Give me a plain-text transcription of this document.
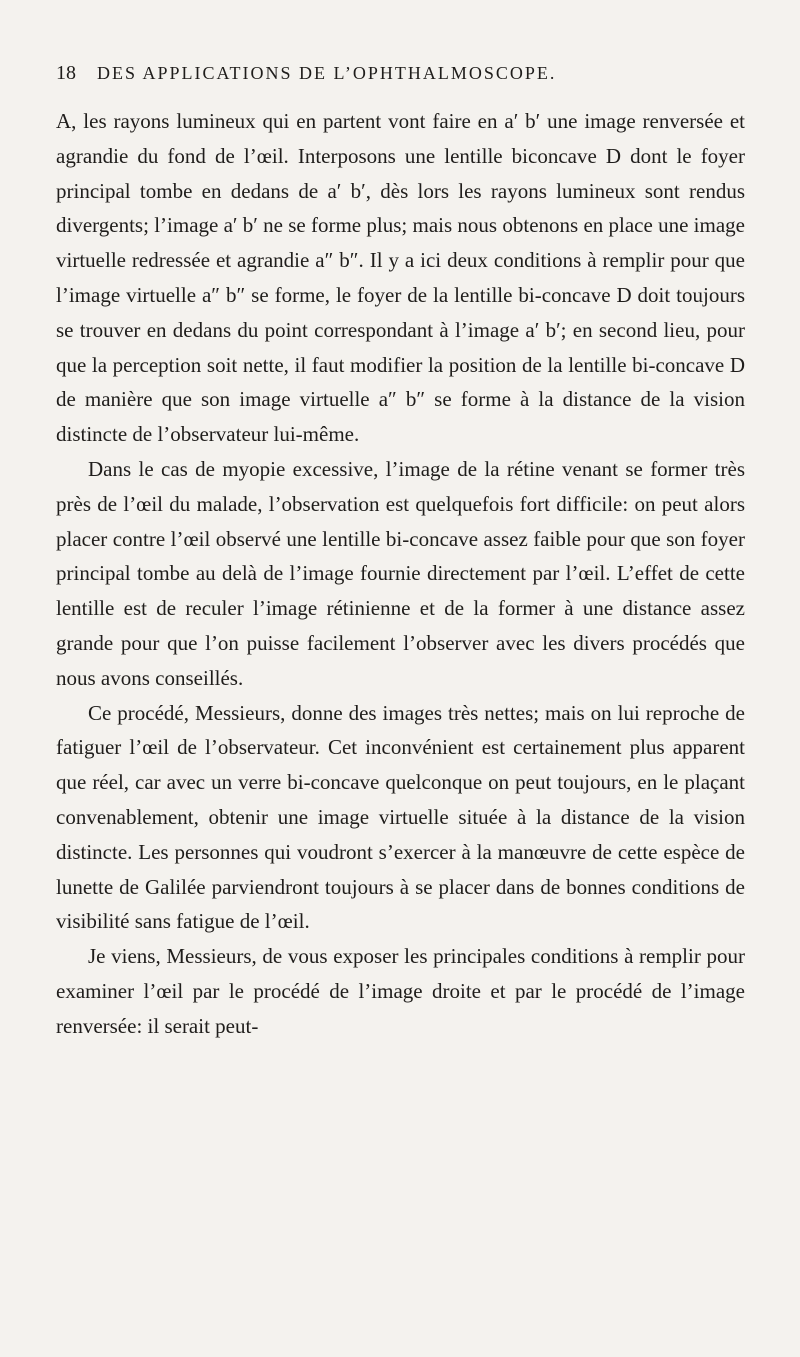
18	DES APPLICATIONS DE L’OPHTHALMOSCOPE.

A, les rayons lumineux qui en partent vont faire en a′ b′ une image renversée et agrandie du fond de l’œil. Interposons une lentille biconcave D dont le foyer principal tombe en dedans de a′ b′, dès lors les rayons lumineux sont rendus divergents; l’image a′ b′ ne se forme plus; mais nous obtenons en place une image virtuelle redressée et agrandie a″ b″. Il y a ici deux conditions à remplir pour que l’image virtuelle a″ b″ se forme, le foyer de la lentille bi-concave D doit toujours se trouver en dedans du point correspondant à l’image a′ b′; en second lieu, pour que la perception soit nette, il faut modifier la position de la lentille bi-concave D de manière que son image virtuelle a″ b″ se forme à la distance de la vision distincte de l’observateur lui-même.

Dans le cas de myopie excessive, l’image de la rétine venant se former très près de l’œil du malade, l’observation est quelquefois fort difficile: on peut alors placer contre l’œil observé une lentille bi-concave assez faible pour que son foyer principal tombe au delà de l’image fournie directement par l’œil. L’effet de cette lentille est de reculer l’image rétinienne et de la former à une distance assez grande pour que l’on puisse facilement l’observer avec les divers procédés que nous avons conseillés.

Ce procédé, Messieurs, donne des images très nettes; mais on lui reproche de fatiguer l’œil de l’observateur. Cet inconvénient est certainement plus apparent que réel, car avec un verre bi-concave quelconque on peut toujours, en le plaçant convenablement, obtenir une image virtuelle située à la distance de la vision distincte. Les personnes qui voudront s’exercer à la manœuvre de cette espèce de lunette de Galilée parviendront toujours à se placer dans de bonnes conditions de visibilité sans fatigue de l’œil.

Je viens, Messieurs, de vous exposer les principales conditions à remplir pour examiner l’œil par le procédé de l’image droite et par le procédé de l’image renversée: il serait peut-
